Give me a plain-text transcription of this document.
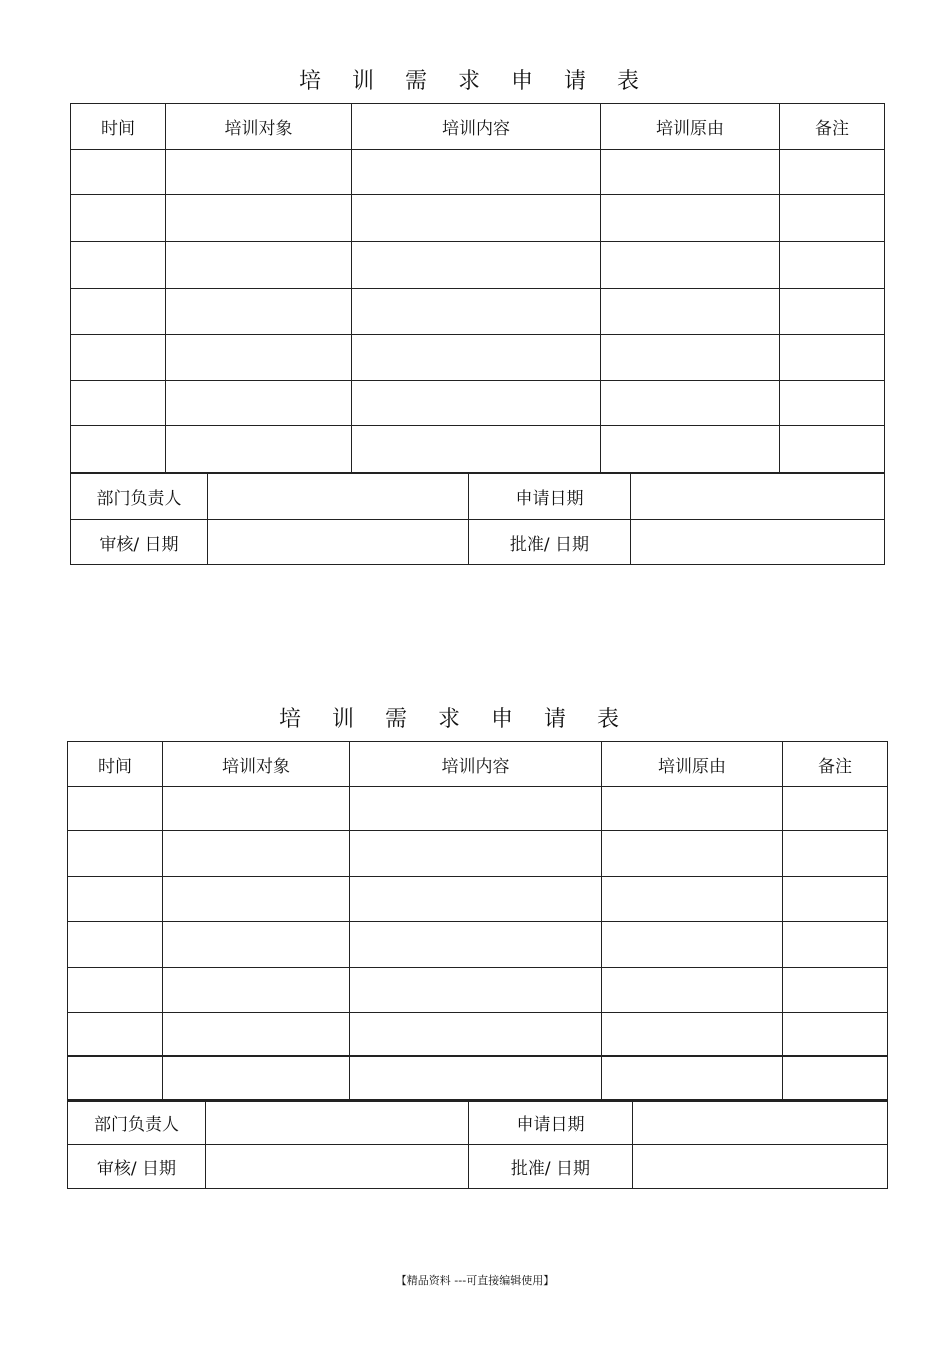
培 训 需 求 申 请 表
时间	培训对象	培训内容	培训原由	备注

部门负责人		申请日期	
审核/ 日期		批准/ 日期	
培 训 需 求 申 请 表
时间	培训对象	培训内容	培训原由	备注

部门负责人		申请日期	
审核/ 日期		批准/ 日期	
【精品资料 ---可直接编辑使用】
